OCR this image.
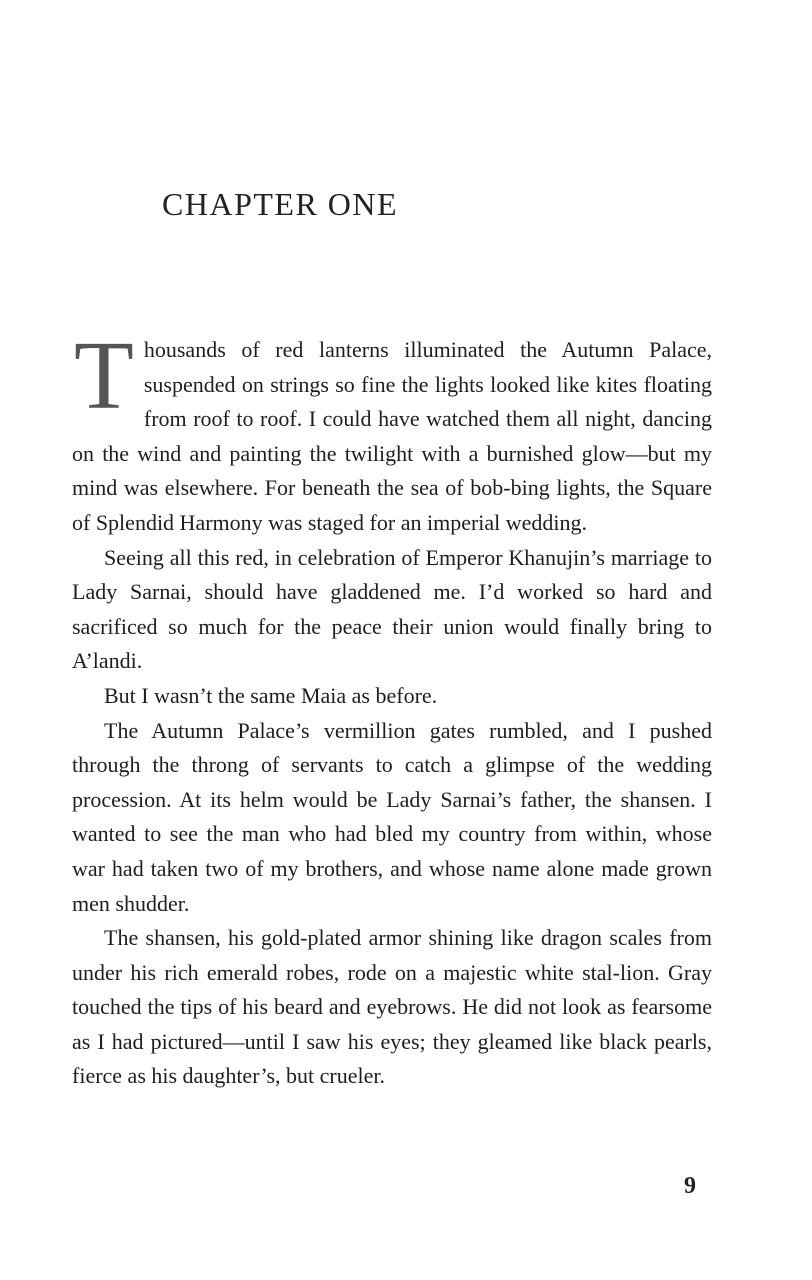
CHAPTER ONE

Thousands of red lanterns illuminated the Autumn Palace, suspended on strings so fine the lights looked like kites floating from roof to roof. I could have watched them all night, dancing on the wind and painting the twilight with a burnished glow—but my mind was elsewhere. For beneath the sea of bob-bing lights, the Square of Splendid Harmony was staged for an imperial wedding.

Seeing all this red, in celebration of Emperor Khanujin’s marriage to Lady Sarnai, should have gladdened me. I’d worked so hard and sacrificed so much for the peace their union would finally bring to A’landi.

But I wasn’t the same Maia as before.

The Autumn Palace’s vermillion gates rumbled, and I pushed through the throng of servants to catch a glimpse of the wedding procession. At its helm would be Lady Sarnai’s father, the shansen. I wanted to see the man who had bled my country from within, whose war had taken two of my brothers, and whose name alone made grown men shudder.

The shansen, his gold-plated armor shining like dragon scales from under his rich emerald robes, rode on a majestic white stal-lion. Gray touched the tips of his beard and eyebrows. He did not look as fearsome as I had pictured—until I saw his eyes; they gleamed like black pearls, fierce as his daughter’s, but crueler.

9
